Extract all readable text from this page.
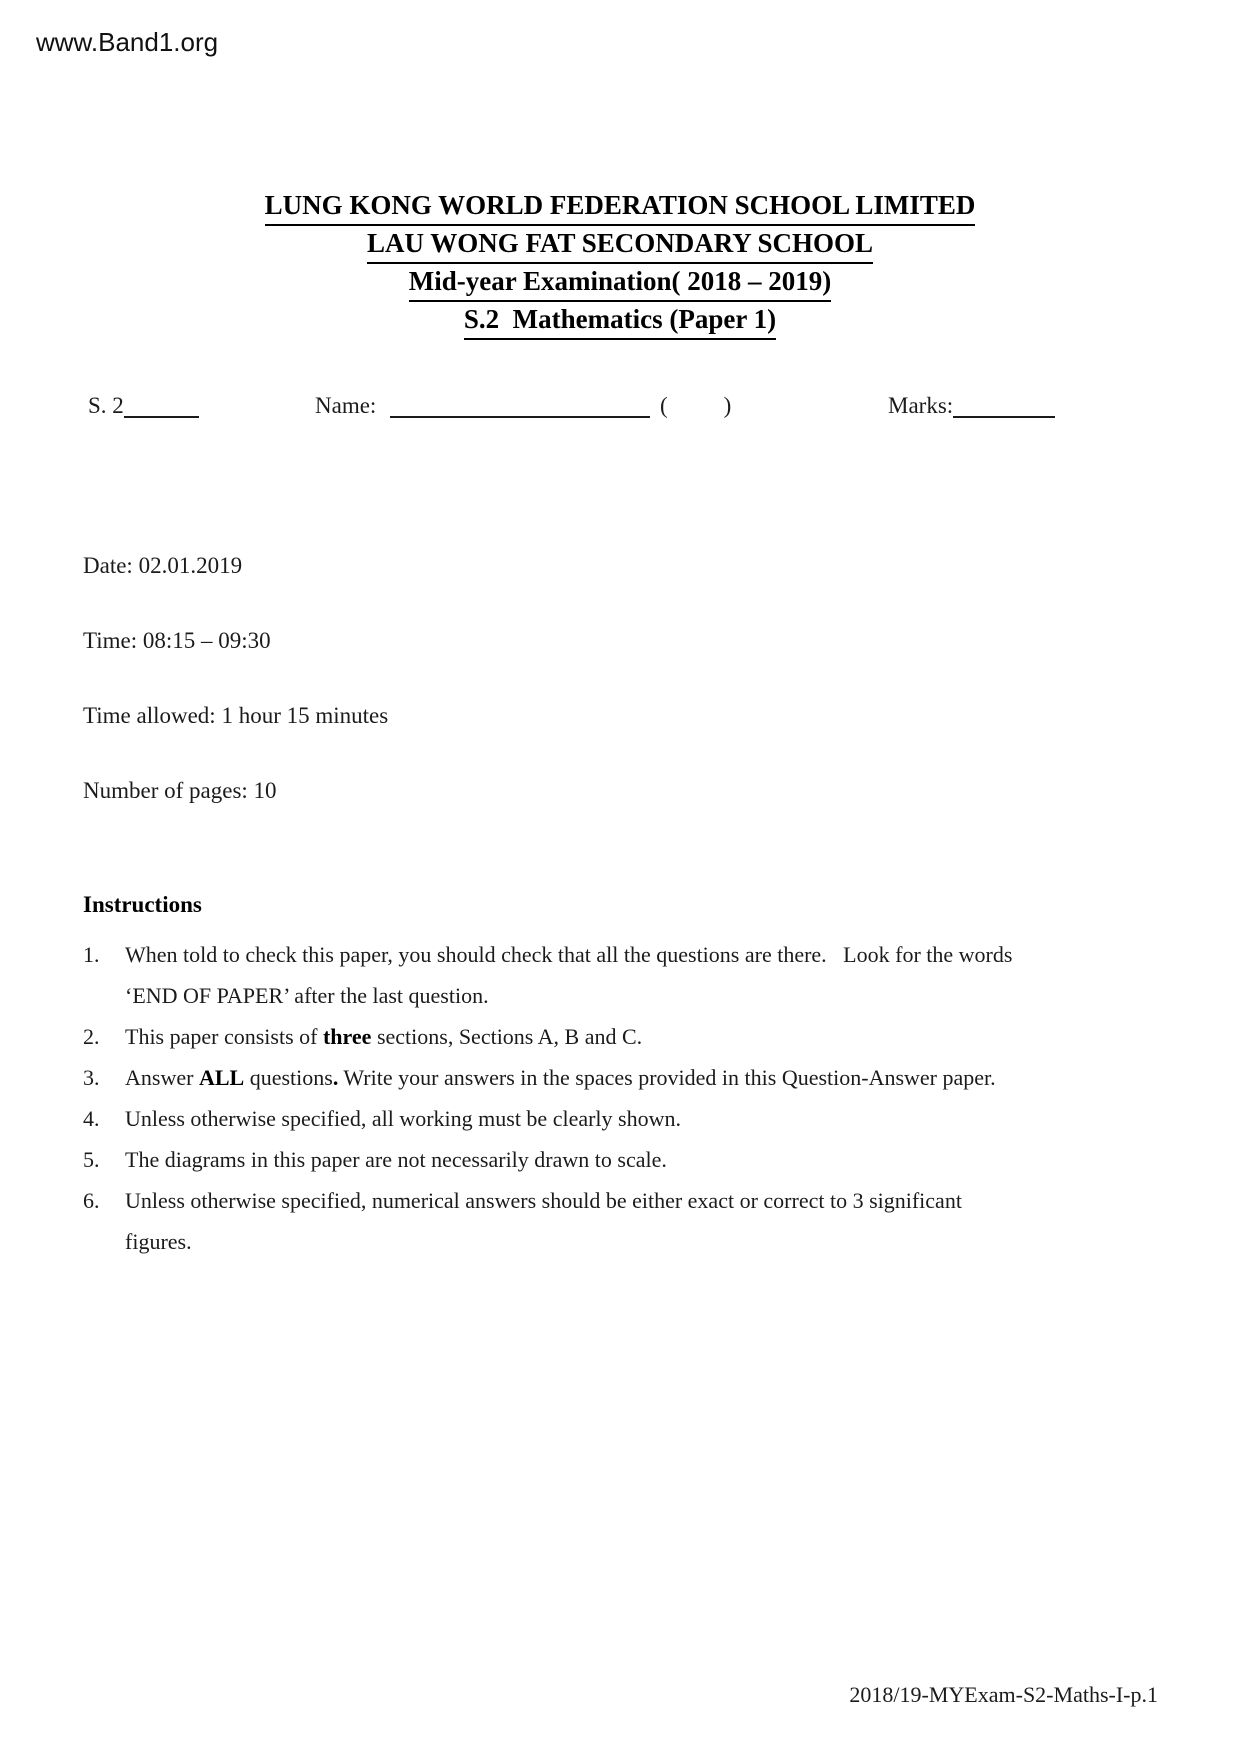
www.Band1.org
LUNG KONG WORLD FEDERATION SCHOOL LIMITED
LAU WONG FAT SECONDARY SCHOOL
Mid-year Examination( 2018 – 2019)
S.2  Mathematics (Paper 1)
S. 2	Name:	( )	Marks:

Date: 02.01.2019

Time: 08:15 – 09:30

Time allowed: 1 hour 15 minutes

Number of pages: 10

Instructions
1. When told to check this paper, you should check that all the questions are there.   Look for the words
‘END OF PAPER’ after the last question.
2. This paper consists of three sections, Sections A, B and C.
3. Answer ALL questions. Write your answers in the spaces provided in this Question-Answer paper.
4. Unless otherwise specified, all working must be clearly shown.
5. The diagrams in this paper are not necessarily drawn to scale.
6. Unless otherwise specified, numerical answers should be either exact or correct to 3 significant
figures.
2018/19-MYExam-S2-Maths-I-p.1
